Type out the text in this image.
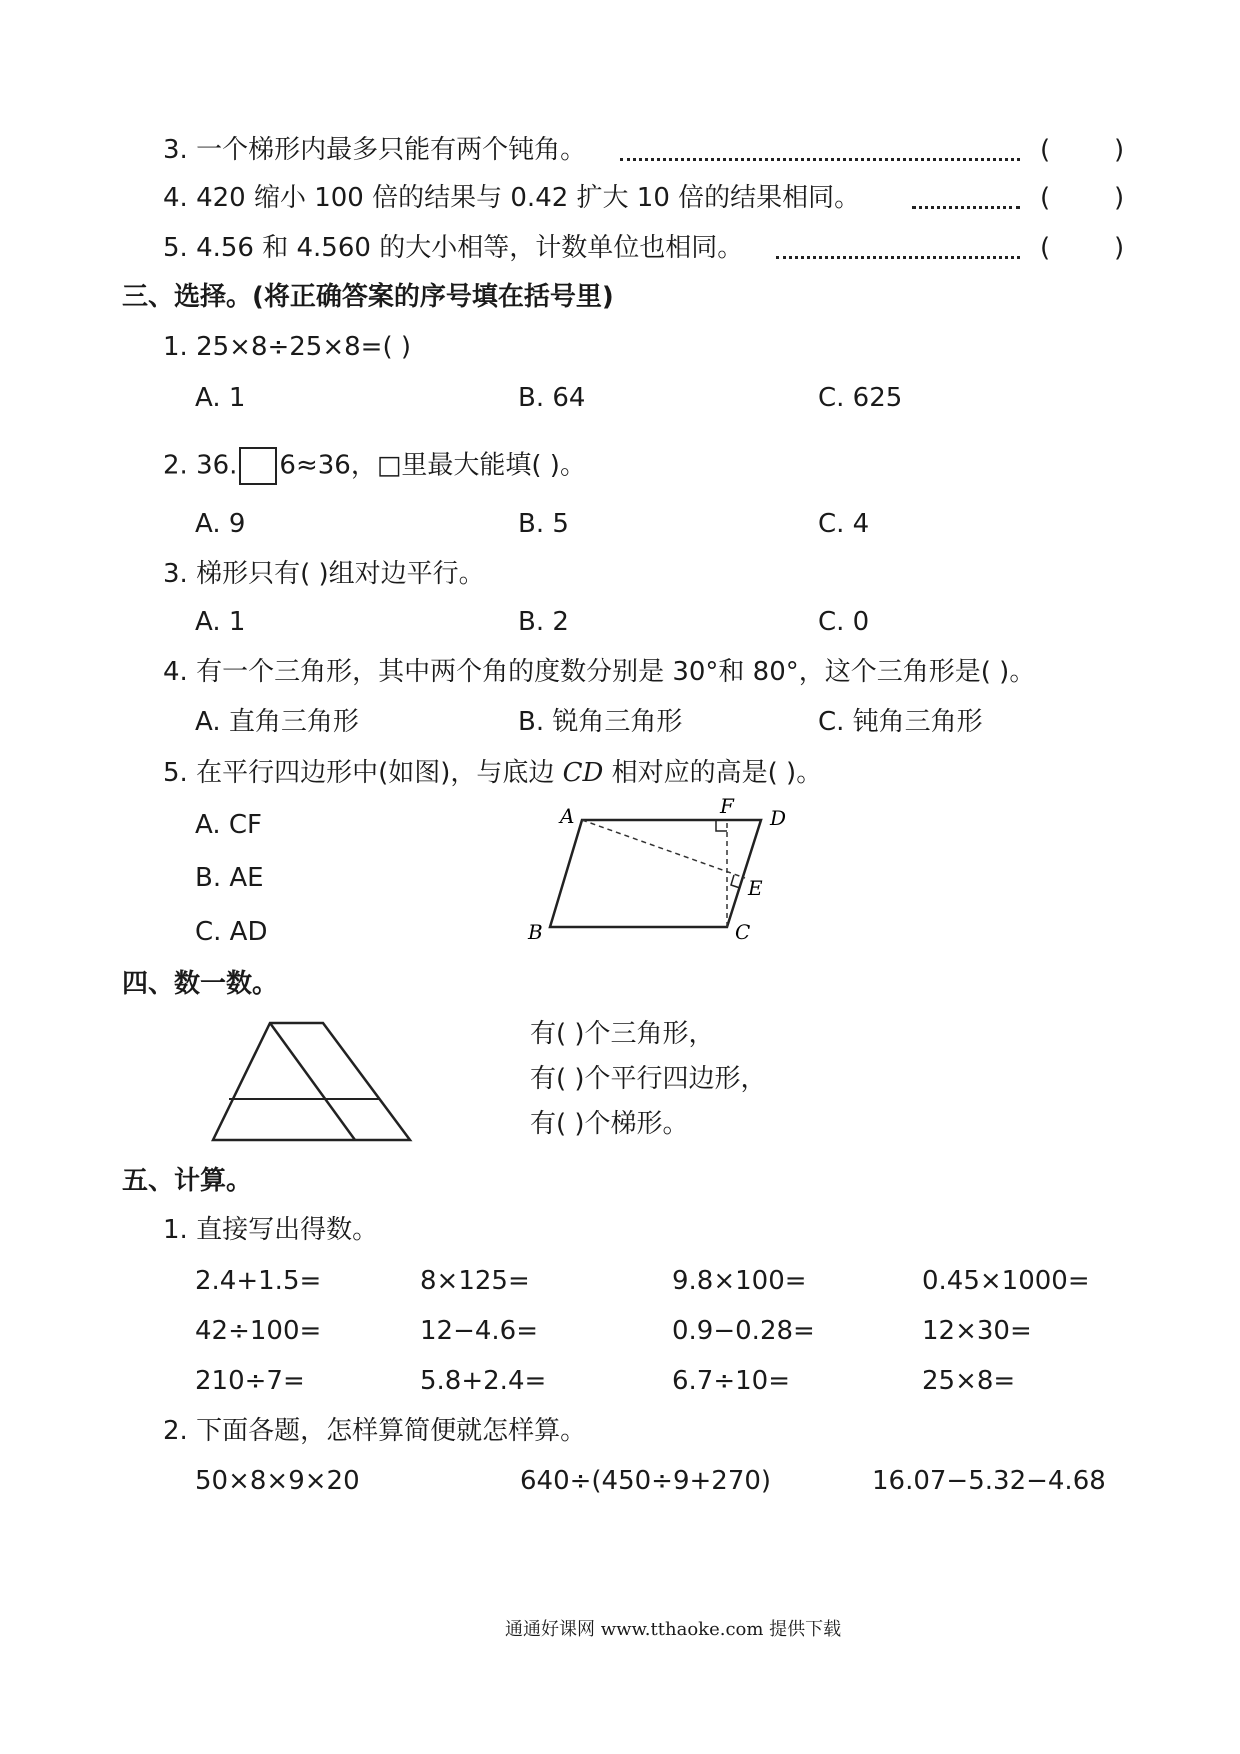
3. 一个梯形内最多只能有两个钝角。	( )
4. 420 缩小 100 倍的结果与 0.42 扩大 10 倍的结果相同。	( )
5. 4.56 和 4.560 的大小相等，计数单位也相同。	( )
三、选择。(将正确答案的序号填在括号里)
1. 25×8÷25×8=( )
A. 1	B. 64	C. 625
2. 36. 6≈36，□里最大能填( )。
A. 9	B. 5	C. 4
3. 梯形只有( )组对边平行。
A. 1	B. 2	C. 0
4. 有一个三角形，其中两个角的度数分别是 30°和 80°，这个三角形是( )。
A. 直角三角形	B. 锐角三角形	C. 钝角三角形
5. 在平行四边形中(如图)，与底边 CD 相对应的高是( )。
A. CF
B. AE
C. AD
A	F D
E
B	C
四、数一数。
有( )个三角形，
有( )个平行四边形，
有( )个梯形。
五、计算。
1. 直接写出得数。
2.4+1.5=	8×125=	9.8×100=	0.45×1000=
42÷100=	12−4.6=	0.9−0.28=	12×30=
210÷7=	5.8+2.4=	6.7÷10=	25×8=
2. 下面各题，怎样算简便就怎样算。
50×8×9×20	640÷(450÷9+270)	16.07−5.32−4.68
通通好课网 www.tthaoke.com 提供下载
